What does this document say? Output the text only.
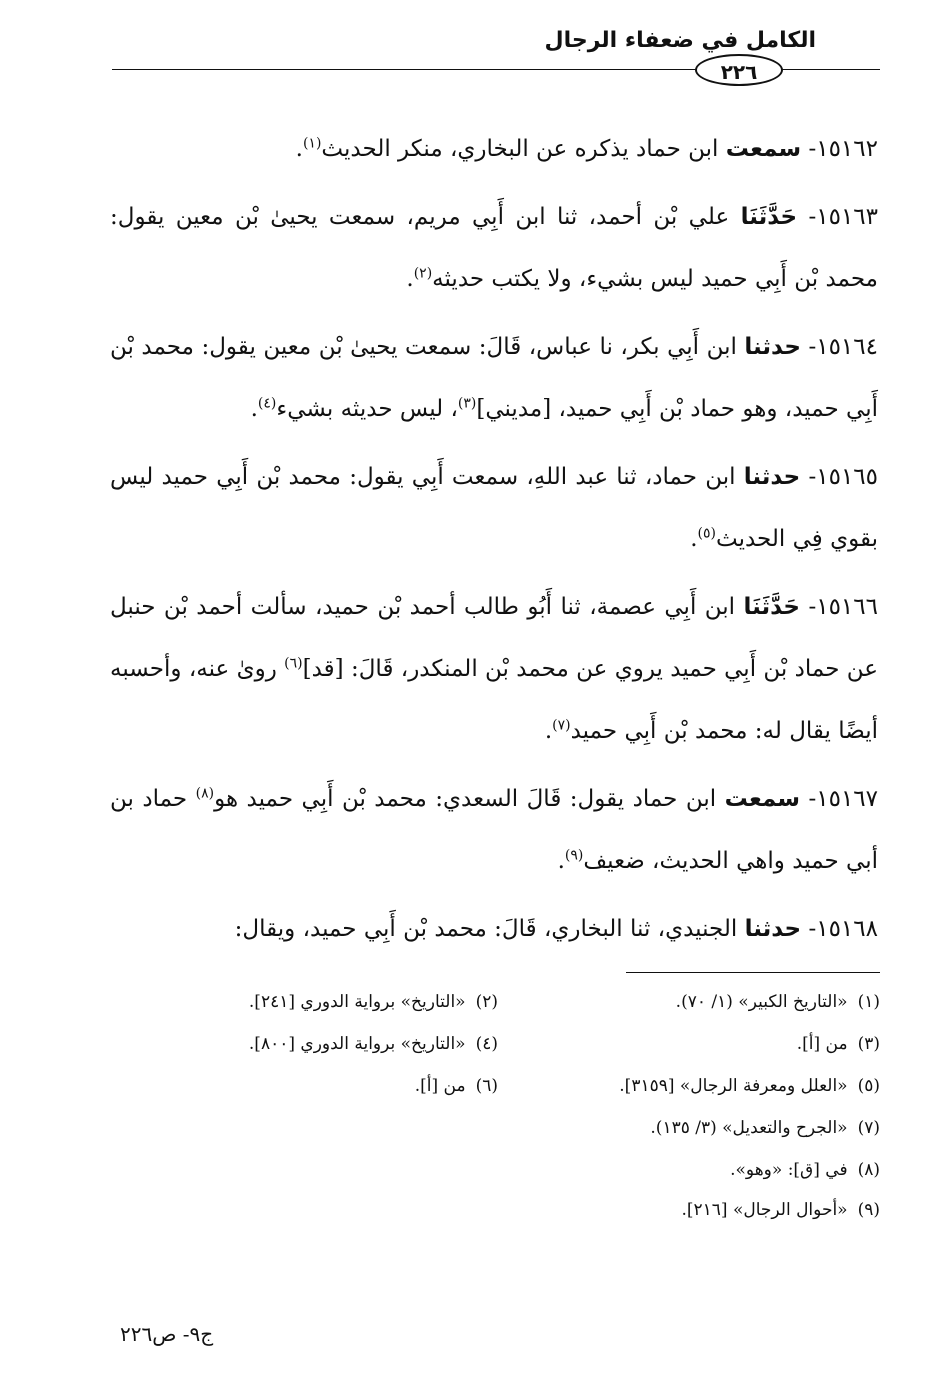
الكامل في ضعفاء الرجال
٢٢٦

١٥١٦٢- سمعت ابن حماد يذكره عن البخاري، منكر الحديث$^{(١)}$.

١٥١٦٣- حَدَّثَنَا علي بْن أحمد، ثنا ابن أَبِي مريم، سمعت يحيىٰ بْن معين يقول: محمد بْن أَبِي حميد ليس بشيء، ولا يكتب حديثه$^{(٢)}$.

١٥١٦٤- حدثنا ابن أَبِي بكر، نا عباس، قَالَ: سمعت يحيىٰ بْن معين يقول: محمد بْن أَبِي حميد، وهو حماد بْن أَبِي حميد، [مديني]$^{(٣)}$، ليس حديثه بشيء$^{(٤)}$.

١٥١٦٥- حدثنا ابن حماد، ثنا عبد اللهِ، سمعت أَبِي يقول: محمد بْن أَبِي حميد ليس بقوي فِي الحديث$^{(٥)}$.

١٥١٦٦- حَدَّثَنَا ابن أَبِي عصمة، ثنا أَبُو طالب أحمد بْن حميد، سألت أحمد بْن حنبل عن حماد بْن أَبِي حميد يروي عن محمد بْن المنكدر، قَالَ: [قد]$^{(٦)}$ رویٰ عنه، وأحسبه أيضًا يقال له: محمد بْن أَبِي حميد$^{(٧)}$.

١٥١٦٧- سمعت ابن حماد يقول: قَالَ السعدي: محمد بْن أَبِي حميد هو$^{(٨)}$ حماد بن أبي حميد واهي الحديث، ضعيف$^{(٩)}$.

١٥١٦٨- حدثنا الجنيدي، ثنا البخاري، قَالَ: محمد بْن أَبِي حميد، ويقال:

(١)«التاريخ الكبير» (١/ ٧٠).
(٢)«التاريخ» برواية الدوري [٢٤١].
(٣)من [أ].
(٤)«التاريخ» برواية الدوري [٨٠٠].
(٥)«العلل ومعرفة الرجال» [٣١٥٩].
(٦)من [أ].
(٧)«الجرح والتعديل» (٣/ ١٣٥).
(٨)في [ق]: «وهو».
(٩)«أحوال الرجال» [٢١٦].
ج٩- ص٢٢٦
